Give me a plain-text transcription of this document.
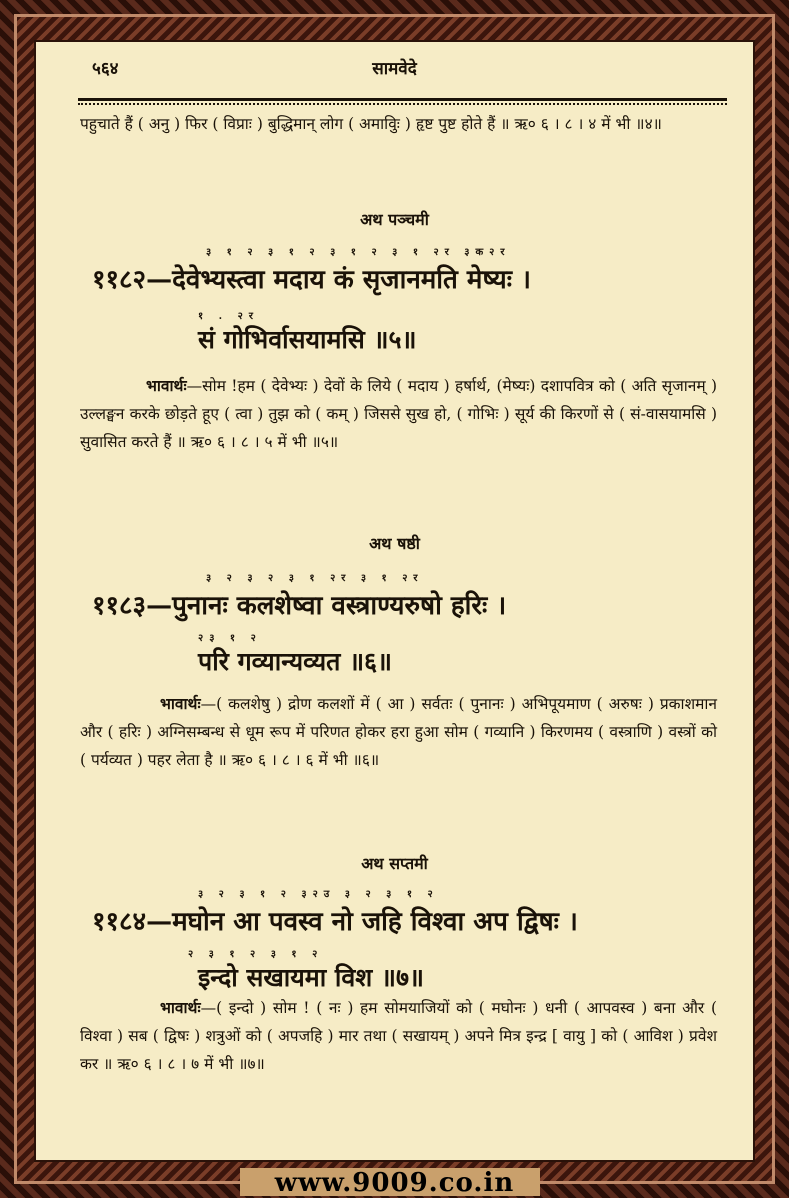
५६४	सामवेदे
पहुचाते हैं ( अनु ) फिर ( विप्राः ) बुद्धिमान् लोग ( अमाविुः ) हृष्ट पुष्ट होते हैं ॥ ऋ० ६ । ८ । ४ में भी ॥४॥
अथ पञ्चमी
३ १ २ ३ १ २ ३ १ २ ३ १ २र ३क२र
११८२—देवेभ्यस्त्वा मदाय कं सृजानमति मेष्यः ।
१ . २र
सं गोभिर्वासयामसि ॥५॥
भावार्थः—सोम !हम ( देवेभ्यः ) देवों के लिये ( मदाय ) हर्षार्थ, (मेष्यः) दशापवित्र को ( अति सृजानम् ) उल्लङ्घन करके छोड़ते हूए ( त्वा ) तुझ को ( कम् ) जिससे सुख हो, ( गोभिः ) सूर्य की किरणों से ( सं-वासयामसि ) सुवासित करते हैं ॥ ऋ० ६ । ८ । ५ में भी ॥५॥
अथ षष्ठी
३ २ ३ २ ३ १ २र ३ १ २र
११८३—पुनानः कलशेष्वा वस्त्राण्यरुषो हरिः ।
२३ १ २
परि गव्यान्यव्यत ॥६॥
भावार्थः—( कलशेषु ) द्रोण कलशों में ( आ ) सर्वतः ( पुनानः ) अभिपूयमाण ( अरुषः ) प्रकाशमान और ( हरिः ) अग्निसम्बन्ध से धूम रूप में परिणत होकर हरा हुआ सोम ( गव्यानि ) किरणमय ( वस्त्राणि ) वस्त्रों को ( पर्यव्यत ) पहर लेता है ॥ ऋ० ६ । ८ । ६ में भी ॥६॥
अथ सप्तमी
३ २ ३ १ २ ३२उ ३ २ ३ १ २
११८४—मघोन आ पवस्व नो जहि विश्वा अप द्विषः ।
२ ३ १ २ ३ १ २
इन्दो सखायमा विश ॥७॥
भावार्थः—( इन्दो ) सोम ! ( नः ) हम सोमयाजियों को ( मघोनः ) धनी ( आपवस्व ) बना और ( विश्वा ) सब ( द्विषः ) शत्रुओं को ( अपजहि ) मार तथा ( सखायम् ) अपने मित्र इन्द्र [ वायु ] को ( आविश ) प्रवेश कर ॥ ऋ० ६ । ८ । ७ में भी ॥७॥
www.9009.co.in
